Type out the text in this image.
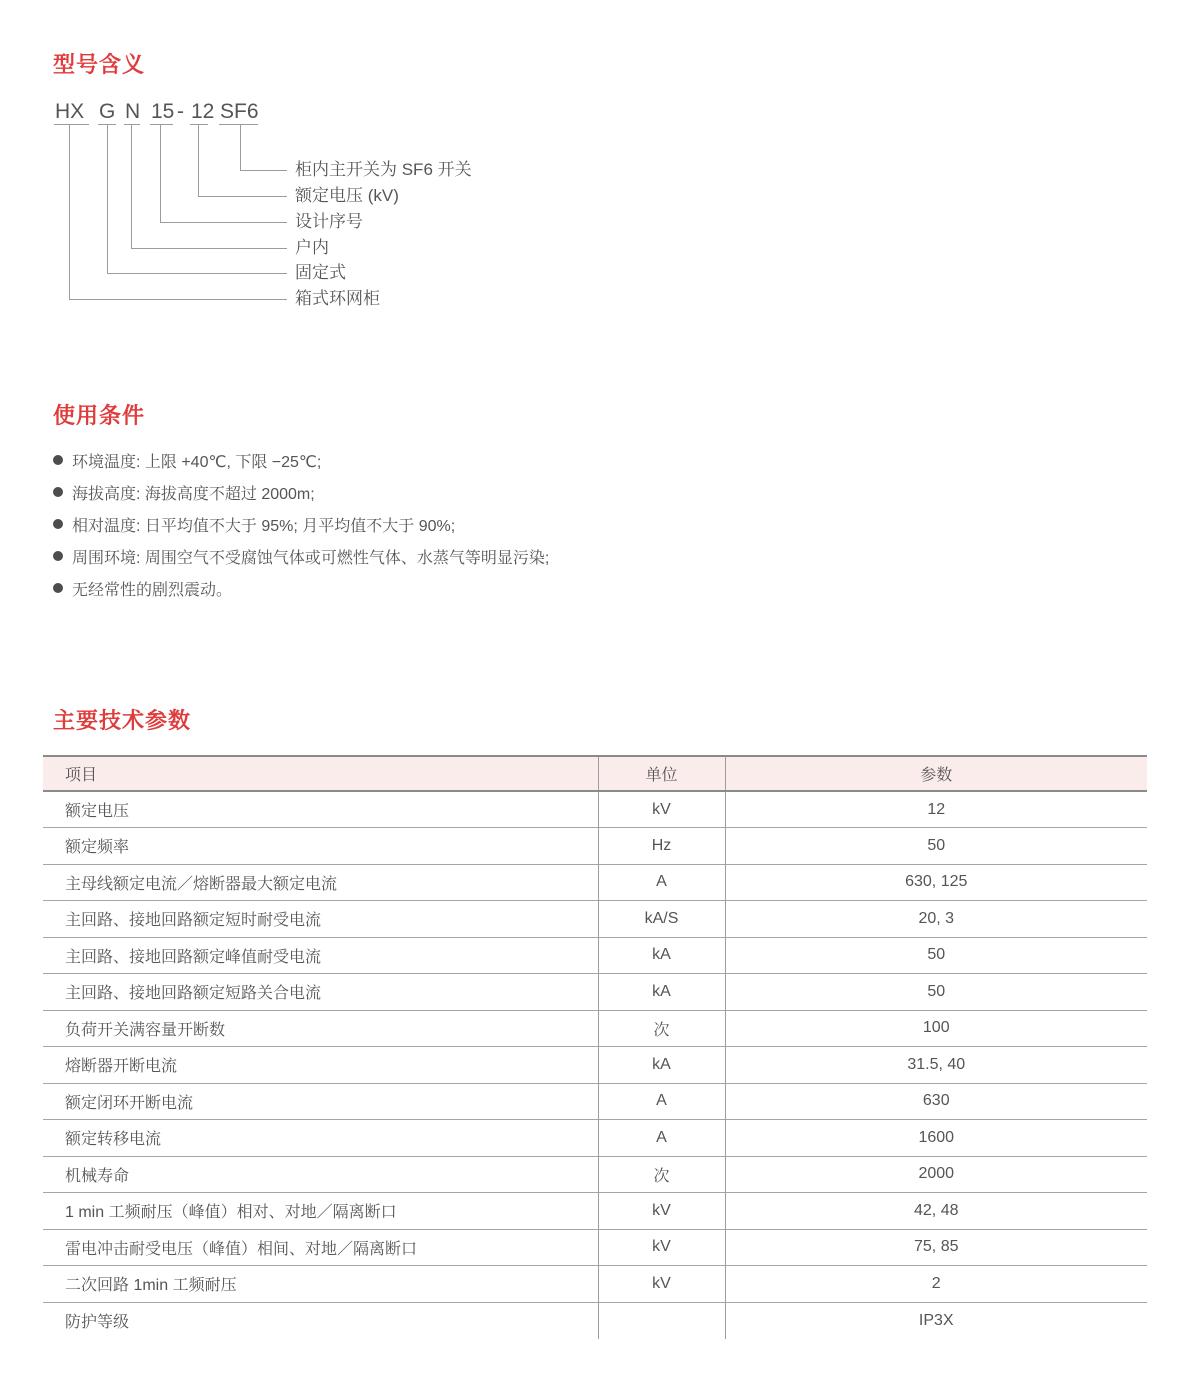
型号含义
HX G N 15 - 12 SF6
柜内主开关为 SF6 开关
额定电压 (kV)
设计序号
户内
固定式
箱式环网柜
使用条件
环境温度: 上限 +40℃, 下限 −25℃;
海拔高度: 海拔高度不超过 2000m;
相对温度: 日平均值不大于 95%; 月平均值不大于 90%;
周围环境: 周围空气不受腐蚀气体或可燃性气体、水蒸气等明显污染;
无经常性的剧烈震动。
主要技术参数
项目	单位	参数
额定电压	kV	12
额定频率	Hz	50
主母线额定电流／熔断器最大额定电流	A	630, 125
主回路、接地回路额定短时耐受电流	kA/S	20, 3
主回路、接地回路额定峰值耐受电流	kA	50
主回路、接地回路额定短路关合电流	kA	50
负荷开关满容量开断数	次	100
熔断器开断电流	kA	31.5, 40
额定闭环开断电流	A	630
额定转移电流	A	1600
机械寿命	次	2000
1 min 工频耐压（峰值）相对、对地／隔离断口	kV	42, 48
雷电冲击耐受电压（峰值）相间、对地／隔离断口	kV	75, 85
二次回路 1min 工频耐压	kV	2
防护等级		IP3X
